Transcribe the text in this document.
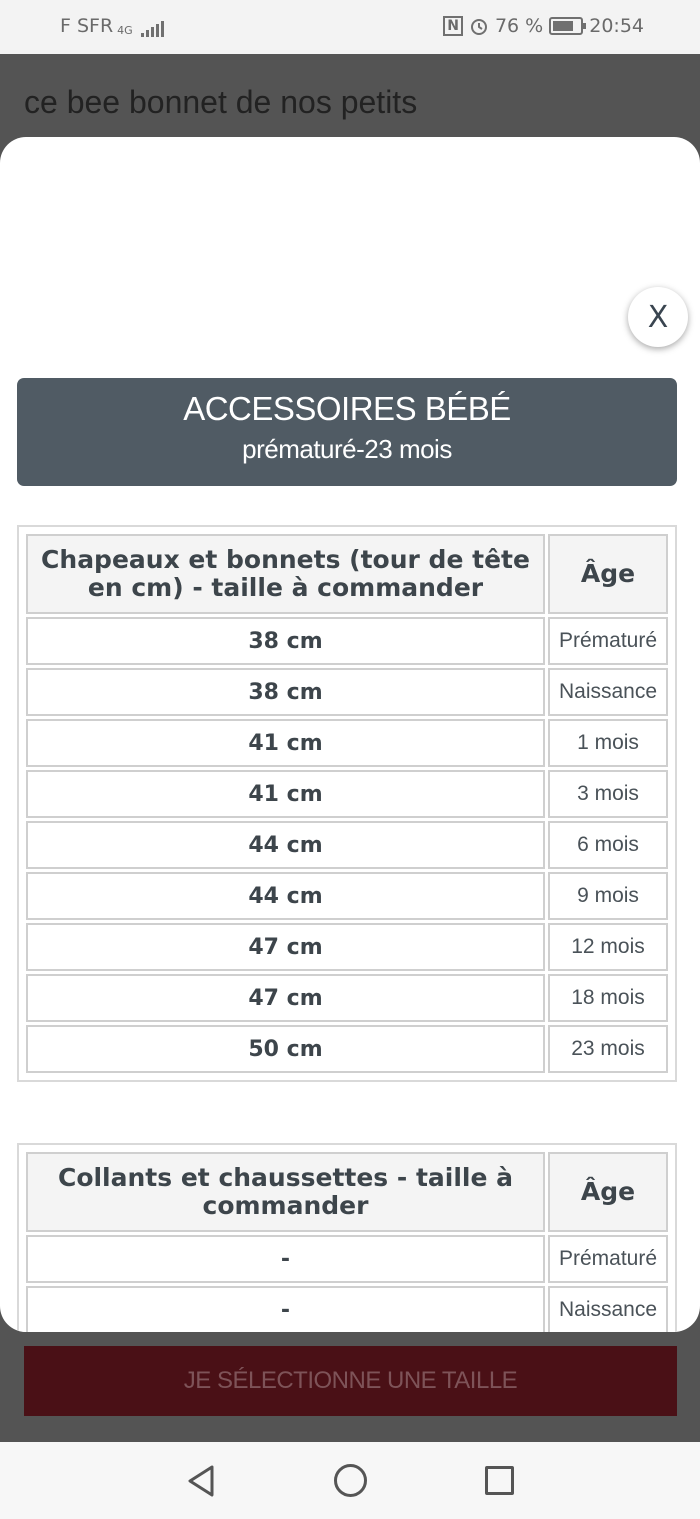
F SFR 4G	N 76 % 20:54
ce bee bonnet de nos petits
X
ACCESSOIRES BÉBÉ
prématuré-23 mois
Chapeaux et bonnets (tour de tête en cm) - taille à commander	Âge
38 cm	Prématuré
38 cm	Naissance
41 cm	1 mois
41 cm	3 mois
44 cm	6 mois
44 cm	9 mois
47 cm	12 mois
47 cm	18 mois
50 cm	23 mois
Collants et chaussettes - taille à commander	Âge
-	Prématuré
-	Naissance
JE SÉLECTIONNE UNE TAILLE
